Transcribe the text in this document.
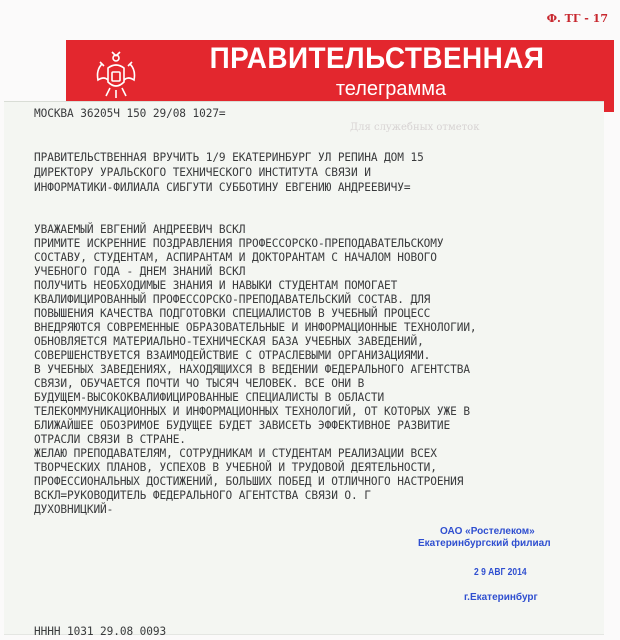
Ф. ТГ - 17
ПРАВИТЕЛЬСТВЕННАЯ
телеграмма
Для служебных отметок
МОСКВА 36205Ч 150 29/08 1027=
ПРАВИТЕЛЬСТВЕННАЯ ВРУЧИТЬ 1/9 ЕКАТЕРИНБУРГ УЛ РЕПИНА ДОМ 15
ДИРЕКТОРУ УРАЛЬСКОГО ТЕХНИЧЕСКОГО ИНСТИТУТА СВЯЗИ И
ИНФОРМАТИКИ-ФИЛИАЛА СИБГУТИ СУББОТИНУ ЕВГЕНИЮ АНДРЕЕВИЧУ=
УВАЖАЕМЫЙ ЕВГЕНИЙ АНДРЕЕВИЧ ВСКЛ
ПРИМИТЕ ИСКРЕННИЕ ПОЗДРАВЛЕНИЯ ПРОФЕССОРСКО-ПРЕПОДАВАТЕЛЬСКОМУ
СОСТАВУ, СТУДЕНТАМ, АСПИРАНТАМ И ДОКТОРАНТАМ С НАЧАЛОМ НОВОГО
УЧЕБНОГО ГОДА - ДНЕМ ЗНАНИЙ ВСКЛ
ПОЛУЧИТЬ НЕОБХОДИМЫЕ ЗНАНИЯ И НАВЫКИ СТУДЕНТАМ ПОМОГАЕТ
КВАЛИФИЦИРОВАННЫЙ ПРОФЕССОРСКО-ПРЕПОДАВАТЕЛЬСКИЙ СОСТАВ. ДЛЯ
ПОВЫШЕНИЯ КАЧЕСТВА ПОДГОТОВКИ СПЕЦИАЛИСТОВ В УЧЕБНЫЙ ПРОЦЕСС
ВНЕДРЯЮТСЯ СОВРЕМЕННЫЕ ОБРАЗОВАТЕЛЬНЫЕ И ИНФОРМАЦИОННЫЕ ТЕХНОЛОГИИ,
ОБНОВЛЯЕТСЯ МАТЕРИАЛЬНО-ТЕХНИЧЕСКАЯ БАЗА УЧЕБНЫХ ЗАВЕДЕНИЙ,
СОВЕРШЕНСТВУЕТСЯ ВЗАИМОДЕЙСТВИЕ С ОТРАСЛЕВЫМИ ОРГАНИЗАЦИЯМИ.
В УЧЕБНЫХ ЗАВЕДЕНИЯХ, НАХОДЯЩИХСЯ В ВЕДЕНИИ ФЕДЕРАЛЬНОГО АГЕНТСТВА
СВЯЗИ, ОБУЧАЕТСЯ ПОЧТИ ЧО ТЫСЯЧ ЧЕЛОВЕК. ВСЕ ОНИ В
БУДУЩЕМ-ВЫСОКОКВАЛИФИЦИРОВАННЫЕ СПЕЦИАЛИСТЫ В ОБЛАСТИ
ТЕЛЕКОММУНИКАЦИОННЫХ И ИНФОРМАЦИОННЫХ ТЕХНОЛОГИЙ, ОТ КОТОРЫХ УЖЕ В
БЛИЖАЙШЕЕ ОБОЗРИМОЕ БУДУЩЕЕ БУДЕТ ЗАВИСЕТЬ ЭФФЕКТИВНОЕ РАЗВИТИЕ
ОТРАСЛИ СВЯЗИ В СТРАНЕ.
ЖЕЛАЮ ПРЕПОДАВАТЕЛЯМ, СОТРУДНИКАМ И СТУДЕНТАМ РЕАЛИЗАЦИИ ВСЕХ
ТВОРЧЕСКИХ ПЛАНОВ, УСПЕХОВ В УЧЕБНОЙ И ТРУДОВОЙ ДЕЯТЕЛЬНОСТИ,
ПРОФЕССИОНАЛЬНЫХ ДОСТИЖЕНИЙ, БОЛЬШИХ ПОБЕД И ОТЛИЧНОГО НАСТРОЕНИЯ
ВСКЛ=РУКОВОДИТЕЛЬ ФЕДЕРАЛЬНОГО АГЕНТСТВА СВЯЗИ О. Г
ДУХОВНИЦКИЙ-
ОАО «Ростелеком»
Екатеринбургский филиал
2 9 АВГ 2014
г.Екатеринбург
НННН 1031 29.08 0093
